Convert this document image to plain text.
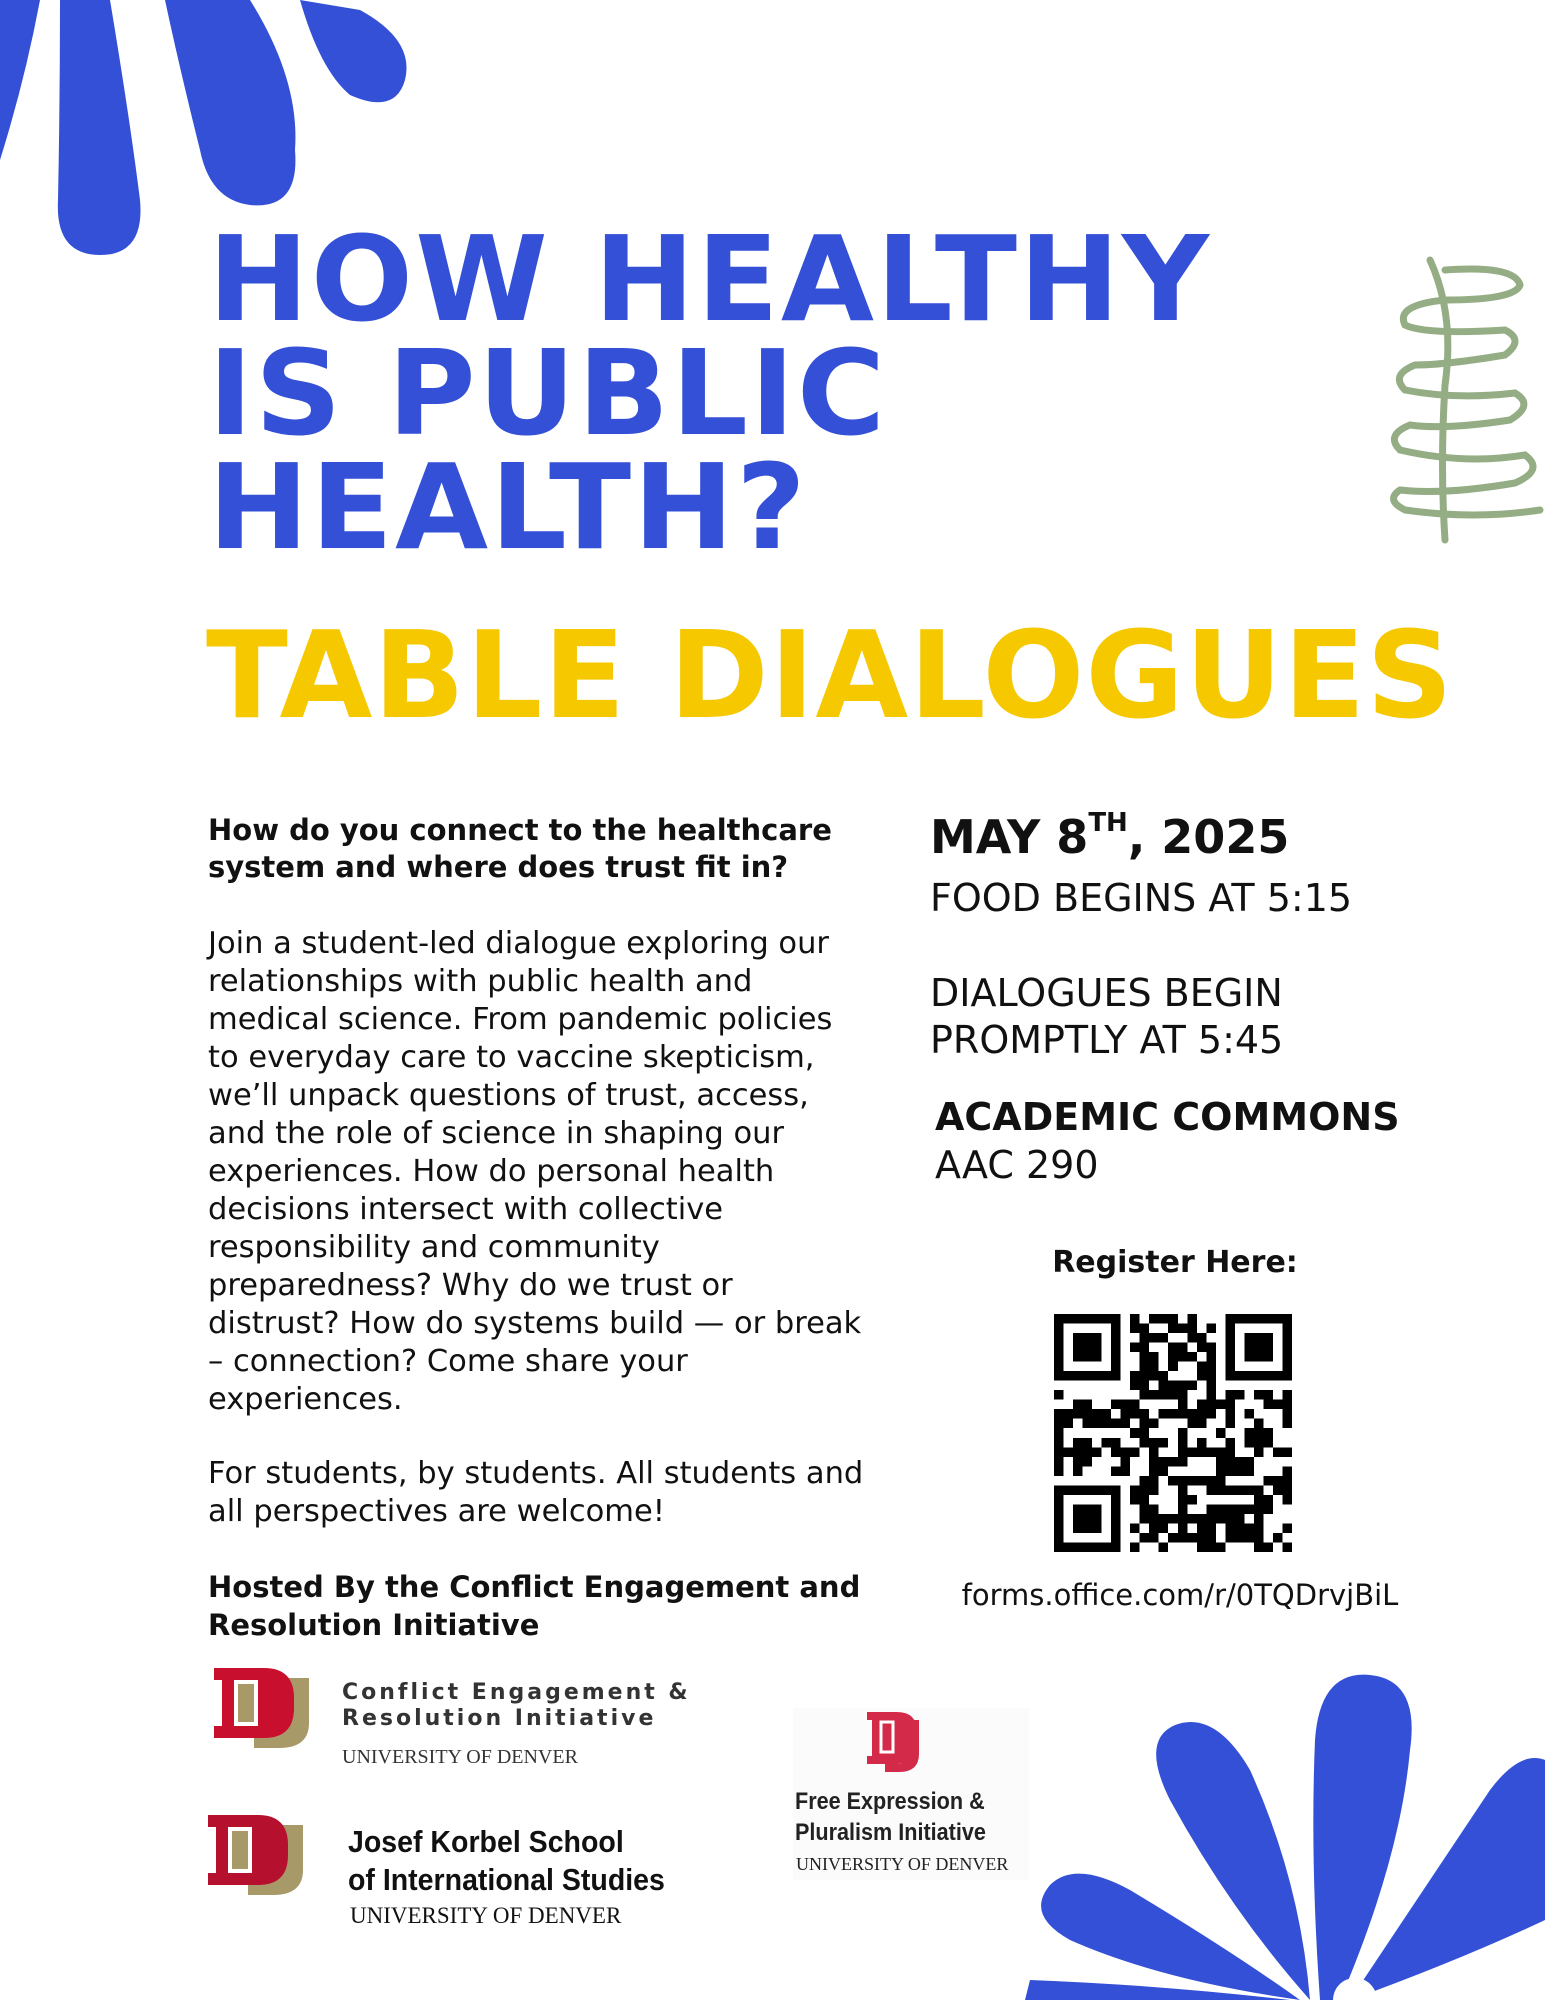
HOW HEALTHY
IS PUBLIC
HEALTH?
TABLE DIALOGUES
How do you connect to the healthcare system and where does trust fit in?
Join a student-led dialogue exploring our relationships with public health and medical science. From pandemic policies to everyday care to vaccine skepticism, we’ll unpack questions of trust, access, and the role of science in shaping our experiences. How do personal health decisions intersect with collective responsibility and community preparedness? Why do we trust or distrust? How do systems build — or break – connection? Come share your experiences.
For students, by students. All students and all perspectives are welcome!
Hosted By the Conflict Engagement and Resolution Initiative
MAY 8TH, 2025
FOOD BEGINS AT 5:15
DIALOGUES BEGIN
PROMPTLY AT 5:45
ACADEMIC COMMONS
AAC 290
Register Here:
forms.office.com/r/0TQDrvjBiL
Conflict Engagement &
Resolution Initiative
UNIVERSITY OF DENVER
Josef Korbel School
of International Studies
UNIVERSITY OF DENVER
Free Expression &
Pluralism Initiative
UNIVERSITY OF DENVER
